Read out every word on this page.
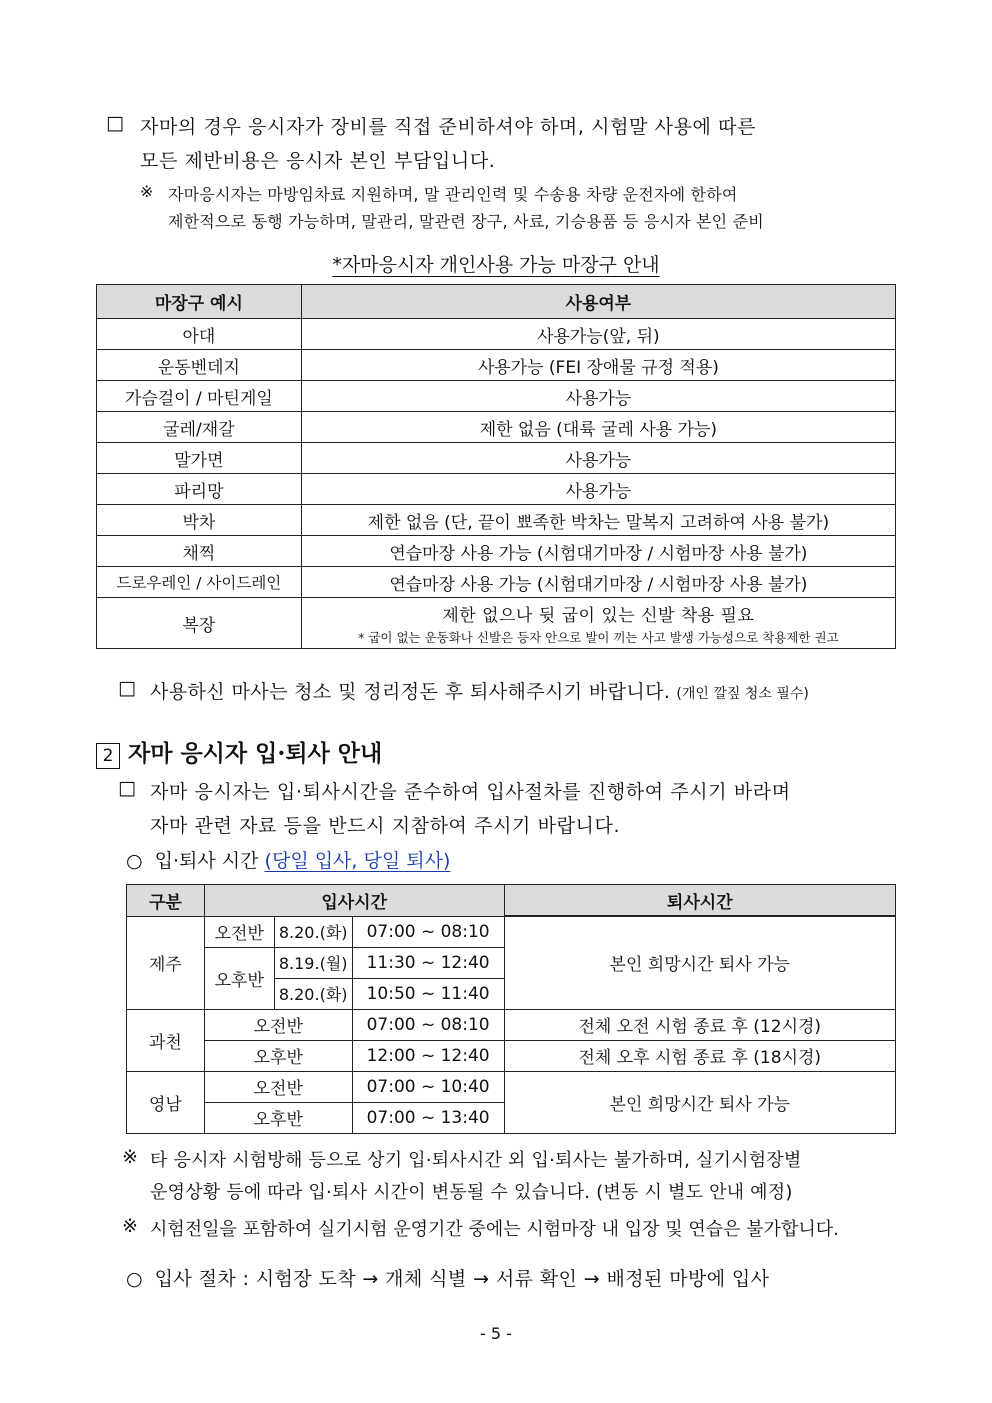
□ 자마의 경우 응시자가 장비를 직접 준비하셔야 하며, 시험말 사용에 따른
모든 제반비용은 응시자 본인 부담입니다.
※ 자마응시자는 마방임차료 지원하며, 말 관리인력 및 수송용 차량 운전자에 한하여
제한적으로 동행 가능하며, 말관리, 말관련 장구, 사료, 기승용품 등 응시자 본인 준비
*자마응시자 개인사용 가능 마장구 안내
마장구 예시	사용여부
아대	사용가능(앞, 뒤)
운동벤데지	사용가능 (FEI 장애물 규정 적용)
가슴걸이 / 마틴게일	사용가능
굴레/재갈	제한 없음 (대륙 굴레 사용 가능)
말가면	사용가능
파리망	사용가능
박차	제한 없음 (단, 끝이 뾰족한 박차는 말복지 고려하여 사용 불가)
채찍	연습마장 사용 가능 (시험대기마장 / 시험마장 사용 불가)
드로우레인 / 사이드레인	연습마장 사용 가능 (시험대기마장 / 시험마장 사용 불가)
복장	제한 없으나 뒷 굽이 있는 신발 착용 필요
* 굽이 없는 운동화나 신발은 등자 안으로 발이 끼는 사고 발생 가능성으로 착용제한 권고
□ 사용하신 마사는 청소 및 정리정돈 후 퇴사해주시기 바랍니다. (개인 깔짚 청소 필수)
2 자마 응시자 입·퇴사 안내
□ 자마 응시자는 입·퇴사시간을 준수하여 입사절차를 진행하여 주시기 바라며
자마 관련 자료 등을 반드시 지참하여 주시기 바랍니다.
○ 입·퇴사 시간 (당일 입사, 당일 퇴사)
구분	입사시간			퇴사시간
제주	오전반	8.20.(화)	07:00 ~ 08:10	본인 희망시간 퇴사 가능
	오후반	8.19.(월)	11:30 ~ 12:40	
		8.20.(화)	10:50 ~ 11:40	
과천	오전반		07:00 ~ 08:10	전체 오전 시험 종료 후 (12시경)
	오후반		12:00 ~ 12:40	전체 오후 시험 종료 후 (18시경)
영남	오전반		07:00 ~ 10:40	본인 희망시간 퇴사 가능
	오후반		07:00 ~ 13:40	
※ 타 응시자 시험방해 등으로 상기 입·퇴사시간 외 입·퇴사는 불가하며, 실기시험장별
운영상황 등에 따라 입·퇴사 시간이 변동될 수 있습니다. (변동 시 별도 안내 예정)
※ 시험전일을 포함하여 실기시험 운영기간 중에는 시험마장 내 입장 및 연습은 불가합니다.
○ 입사 절차 : 시험장 도착 → 개체 식별 → 서류 확인 → 배정된 마방에 입사
- 5 -
